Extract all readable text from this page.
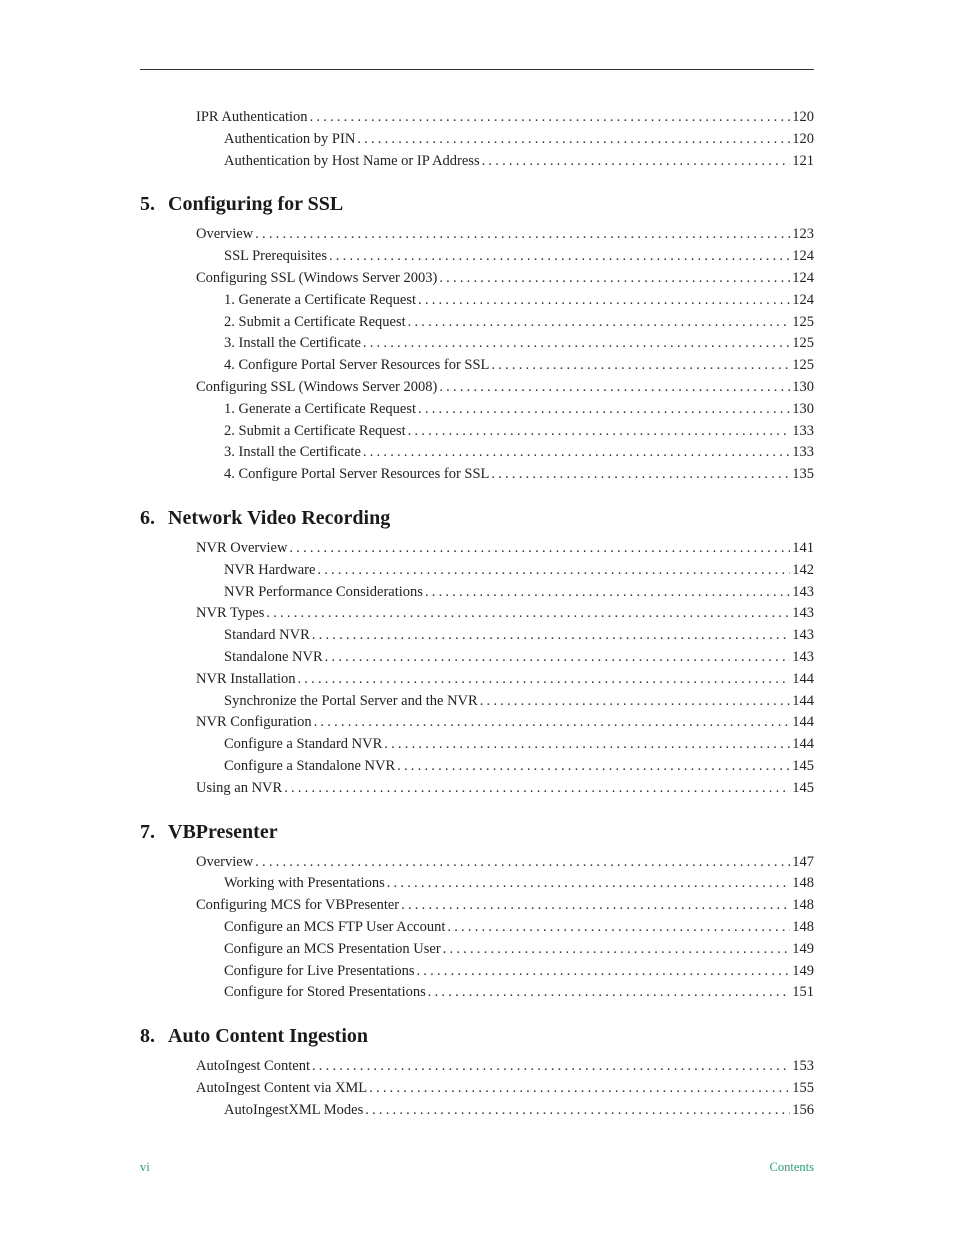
IPR Authentication .....	120
Authentication by PIN .....	120
Authentication by Host Name or IP Address .....	121
5. Configuring for SSL
Overview .....	123
SSL Prerequisites .....	124
Configuring SSL (Windows Server 2003) .....	124
1. Generate a Certificate Request .....	124
2. Submit a Certificate Request .....	125
3. Install the Certificate .....	125
4. Configure Portal Server Resources for SSL .....	125
Configuring SSL (Windows Server 2008) .....	130
1. Generate a Certificate Request .....	130
2. Submit a Certificate Request .....	133
3. Install the Certificate .....	133
4. Configure Portal Server Resources for SSL .....	135
6. Network Video Recording
NVR Overview .....	141
NVR Hardware .....	142
NVR Performance Considerations .....	143
NVR Types .....	143
Standard NVR .....	143
Standalone NVR .....	143
NVR Installation .....	144
Synchronize the Portal Server and the NVR .....	144
NVR Configuration .....	144
Configure a Standard NVR .....	144
Configure a Standalone NVR .....	145
Using an NVR .....	145
7. VBPresenter
Overview .....	147
Working with Presentations .....	148
Configuring MCS for VBPresenter .....	148
Configure an MCS FTP User Account .....	148
Configure an MCS Presentation User .....	149
Configure for Live Presentations .....	149
Configure for Stored Presentations .....	151
8. Auto Content Ingestion
AutoIngest Content .....	153
AutoIngest Content via XML .....	155
AutoIngestXML Modes .....	156
vi	Contents
